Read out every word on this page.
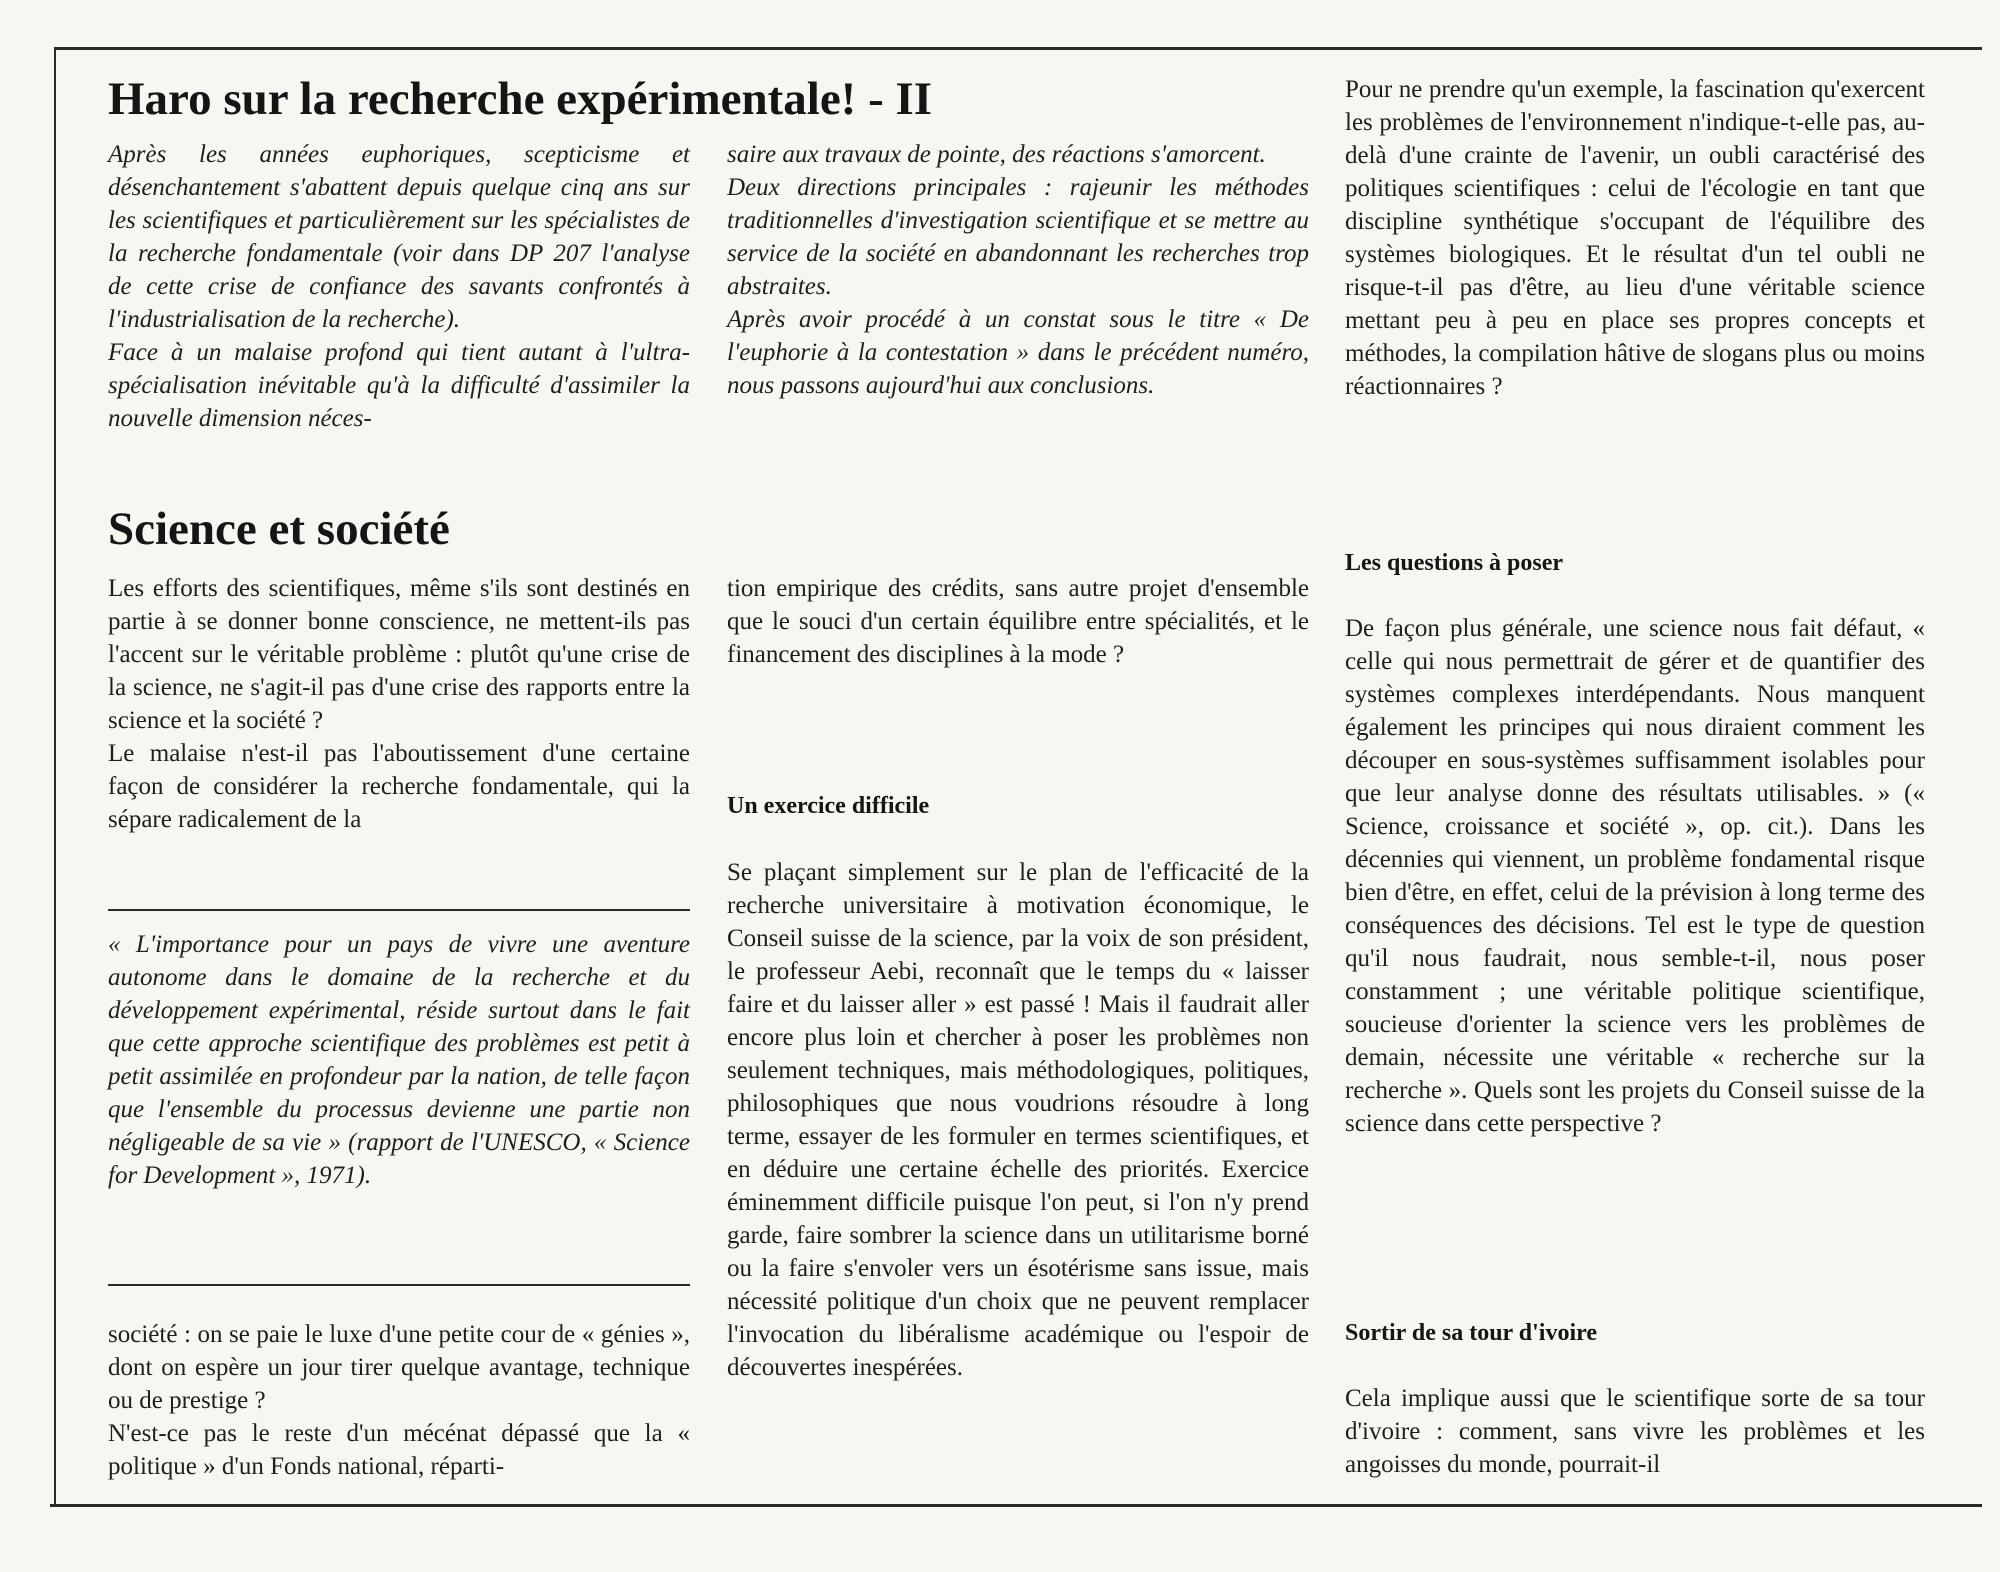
Haro sur la recherche expérimentale! - II

Après les années euphoriques, scepticisme et désenchantement s'abattent depuis quelque cinq ans sur les scientifiques et particulièrement sur les spécialistes de la recherche fondamentale (voir dans DP 207 l'analyse de cette crise de confiance des savants confrontés à l'industrialisation de la recherche).

Face à un malaise profond qui tient autant à l'ultra-spécialisation inévitable qu'à la difficulté d'assimiler la nouvelle dimension néces-

saire aux travaux de pointe, des réactions s'amorcent.

Deux directions principales : rajeunir les méthodes traditionnelles d'investigation scientifique et se mettre au service de la société en abandonnant les recherches trop abstraites.

Après avoir procédé à un constat sous le titre « De l'euphorie à la contestation » dans le précédent numéro, nous passons aujourd'hui aux conclusions.

Pour ne prendre qu'un exemple, la fascination qu'exercent les problèmes de l'environnement n'indique-t-elle pas, au-delà d'une crainte de l'avenir, un oubli caractérisé des politiques scientifiques : celui de l'écologie en tant que discipline synthétique s'occupant de l'équilibre des systèmes biologiques. Et le résultat d'un tel oubli ne risque-t-il pas d'être, au lieu d'une véritable science mettant peu à peu en place ses propres concepts et méthodes, la compilation hâtive de slogans plus ou moins réactionnaires ?

Science et société

Les efforts des scientifiques, même s'ils sont destinés en partie à se donner bonne conscience, ne mettent-ils pas l'accent sur le véritable problème : plutôt qu'une crise de la science, ne s'agit-il pas d'une crise des rapports entre la science et la société ?

Le malaise n'est-il pas l'aboutissement d'une certaine façon de considérer la recherche fondamentale, qui la sépare radicalement de la

« L'importance pour un pays de vivre une aventure autonome dans le domaine de la recherche et du développement expérimental, réside surtout dans le fait que cette approche scientifique des problèmes est petit à petit assimilée en profondeur par la nation, de telle façon que l'ensemble du processus devienne une partie non négligeable de sa vie » (rapport de l'UNESCO, « Science for Development », 1971).

société : on se paie le luxe d'une petite cour de « génies », dont on espère un jour tirer quelque avantage, technique ou de prestige ?

N'est-ce pas le reste d'un mécénat dépassé que la « politique » d'un Fonds national, réparti-

tion empirique des crédits, sans autre projet d'ensemble que le souci d'un certain équilibre entre spécialités, et le financement des disciplines à la mode ?

Un exercice difficile

Se plaçant simplement sur le plan de l'efficacité de la recherche universitaire à motivation économique, le Conseil suisse de la science, par la voix de son président, le professeur Aebi, reconnaît que le temps du « laisser faire et du laisser aller » est passé ! Mais il faudrait aller encore plus loin et chercher à poser les problèmes non seulement techniques, mais méthodologiques, politiques, philosophiques que nous voudrions résoudre à long terme, essayer de les formuler en termes scientifiques, et en déduire une certaine échelle des priorités. Exercice éminemment difficile puisque l'on peut, si l'on n'y prend garde, faire sombrer la science dans un utilitarisme borné ou la faire s'envoler vers un ésotérisme sans issue, mais nécessité politique d'un choix que ne peuvent remplacer l'invocation du libéralisme académique ou l'espoir de découvertes inespérées.

Les questions à poser

De façon plus générale, une science nous fait défaut, « celle qui nous permettrait de gérer et de quantifier des systèmes complexes interdépendants. Nous manquent également les principes qui nous diraient comment les découper en sous-systèmes suffisamment isolables pour que leur analyse donne des résultats utilisables. » (« Science, croissance et société », op. cit.). Dans les décennies qui viennent, un problème fondamental risque bien d'être, en effet, celui de la prévision à long terme des conséquences des décisions. Tel est le type de question qu'il nous faudrait, nous semble-t-il, nous poser constamment ; une véritable politique scientifique, soucieuse d'orienter la science vers les problèmes de demain, nécessite une véritable « recherche sur la recherche ». Quels sont les projets du Conseil suisse de la science dans cette perspective ?

Sortir de sa tour d'ivoire

Cela implique aussi que le scientifique sorte de sa tour d'ivoire : comment, sans vivre les problèmes et les angoisses du monde, pourrait-il
